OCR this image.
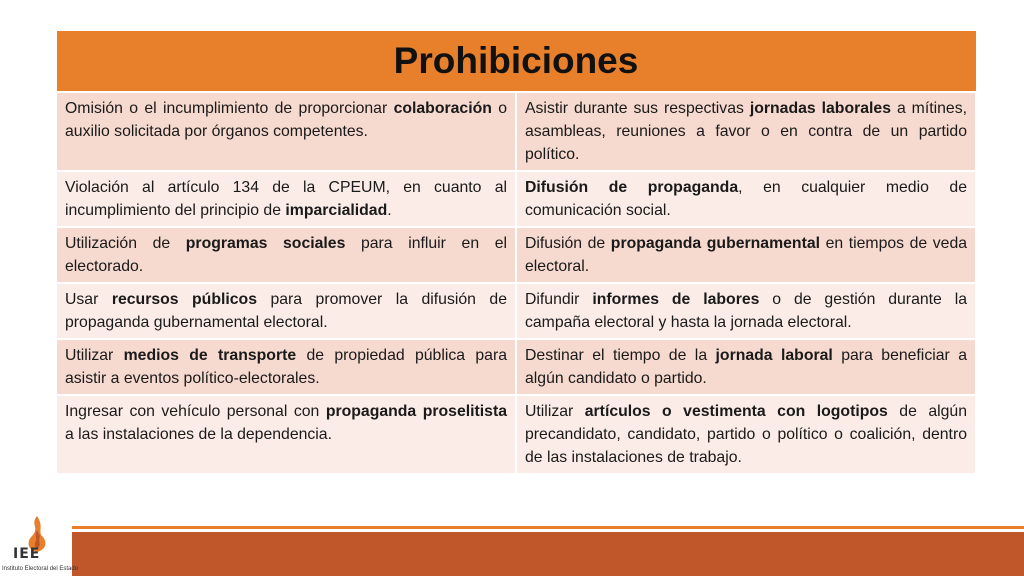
Prohibiciones	
Omisión o el incumplimiento de proporcionar colaboración o auxilio solicitada por órganos competentes.	Asistir durante sus respectivas jornadas laborales a mítines, asambleas, reuniones a favor o en contra de un partido político.
Violación al artículo 134 de la CPEUM, en cuanto al incumplimiento del principio de imparcialidad.	Difusión de propaganda, en cualquier medio de comunicación social.
Utilización de programas sociales para influir en el electorado.	Difusión de propaganda gubernamental en tiempos de veda electoral.
Usar recursos públicos para promover la difusión de propaganda gubernamental electoral.	Difundir informes de labores o de gestión durante la campaña electoral y hasta la jornada electoral.
Utilizar medios de transporte de propiedad pública para asistir a eventos político-electorales.	Destinar el tiempo de la jornada laboral para beneficiar a algún candidato o partido.
Ingresar con vehículo personal con propaganda proselitista a las instalaciones de la dependencia.	Utilizar artículos o vestimenta con logotipos de algún precandidato, candidato, partido o político o coalición, dentro de las instalaciones de trabajo.
IEE
Instituto Electoral del Estado
